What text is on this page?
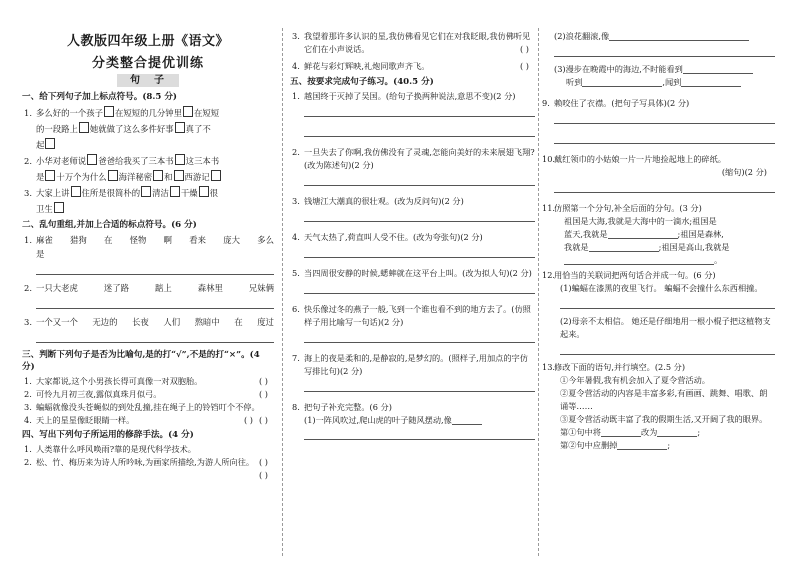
人教版四年级上册《语文》
分类整合提优训练
句子
一、给下列句子加上标点符号。(8.5 分)
1. 多么好的一个孩子 在短短的几分钟里 在短短
的一段路上 她就做了这么多件好事 真了不
起
2. 小华对老师说 爸爸给我买了三本书 这三本书
是 十万个为什么 海洋秘密 和 西游记
3. 大家上讲 住所是很简朴的 清洁 干燥 很
卫生
二、乱句重组,并加上合适的标点符号。(6 分)
1. 麻雀 猎狗 在 怪物 啊 看来 庞大 多么
是
2. 一只大老虎	迷了路	踮上	森林里	兄妹俩
3. 一个又一个 无边的 长夜 人们 熬暗中 在 度过
三、判断下列句子是否为比喻句,是的打“√”,不是的打“×”。(4 分)
1. 大家都说,这个小男孩长得可真像一对双胞胎。	( )
2. 可怜九月初三夜,露似真珠月似弓。	( )
3. 蝙蝠就像没头苍蝇似的到处乱撞,挂在绳子上的铃铛叮个不停。
( )
4. 天上的星星像眨眼睛一样。	( )
四、写出下列句子所运用的修辞手法。(4 分)
1. 人类靠什么呼风唤雨?靠的是现代科学技术。

( )
2. 松、竹、梅历来为诗人所吟咏,为画家所描绘,为游人所向往。
( )
3. 我望着那许多认识的星,我仿佛看见它们在对我眨眼,我仿佛听见它们在小声说话。	( )
4. 鲜花与彩灯辉映,礼炮同歌声齐飞。	( )
五、按要求完成句子练习。(40.5 分)
1. 越国终于灭掉了吴国。(给句子换两种说法,意思不变)(2 分)
2. 一旦失去了你啊,我仿佛没有了灵魂,怎能向美好的未来展翅飞翔?(改为陈述句)(2 分)
3. 钱塘江大潮真的很壮观。(改为反问句)(2 分)
4. 天气太热了,荷直叫人受不住。(改为夸张句)(2 分)
5. 当四周很安静的时候,蟋蟀就在这平台上叫。(改为拟人句)(2 分)
6. 快乐像过冬的燕子一般,飞到一个谁也看不到的地方去了。(仿照样子用比喻写一句话)(2 分)
7. 海上的夜是柔和的,是静寂的,是梦幻的。(照样子,用加点的字仿写排比句)(2 分)
8. 把句子补充完整。(6 分)
(1)一阵风吹过,爬山虎的叶子随风摆动,像
(2)浪花翻滚,像
(3)漫步在晚霞中的海边,不时能看到
听到	,闻到
9. 赖咬住了衣襟。(把句子写具体)(2 分)
10.
戴红领巾的小姑娘一片一片地捡起地上的碎纸。
(缩句)(2 分)
11.
仿照第一个分句,补全后面的分句。(3 分)
祖国是大海,我就是大海中的一滴水;祖国是
蓝天,我就是	;祖国是森林,
我就是	;祖国是高山,我就是
。
12.
用恰当的关联词把两句话合并成一句。(6 分)
(1)蝙蝠在漆黑的夜里飞行。 蝙蝠不会撞什么东西相撞。
(2)母亲不太相信。 她还是仔细地用一根小棍子把这植物支起来。
13.
修改下面的语句,并行填空。(2.5 分)
①今年暑假,我有机会加入了夏令营活动。
②夏令营活动的内容是丰富多彩,有画画、跳舞、唱歌、朗诵等……
③夏令营活动既丰富了我的假期生活,又开阔了我的眼界。
第①句中将	改为	;
第②句中应删掉	;
